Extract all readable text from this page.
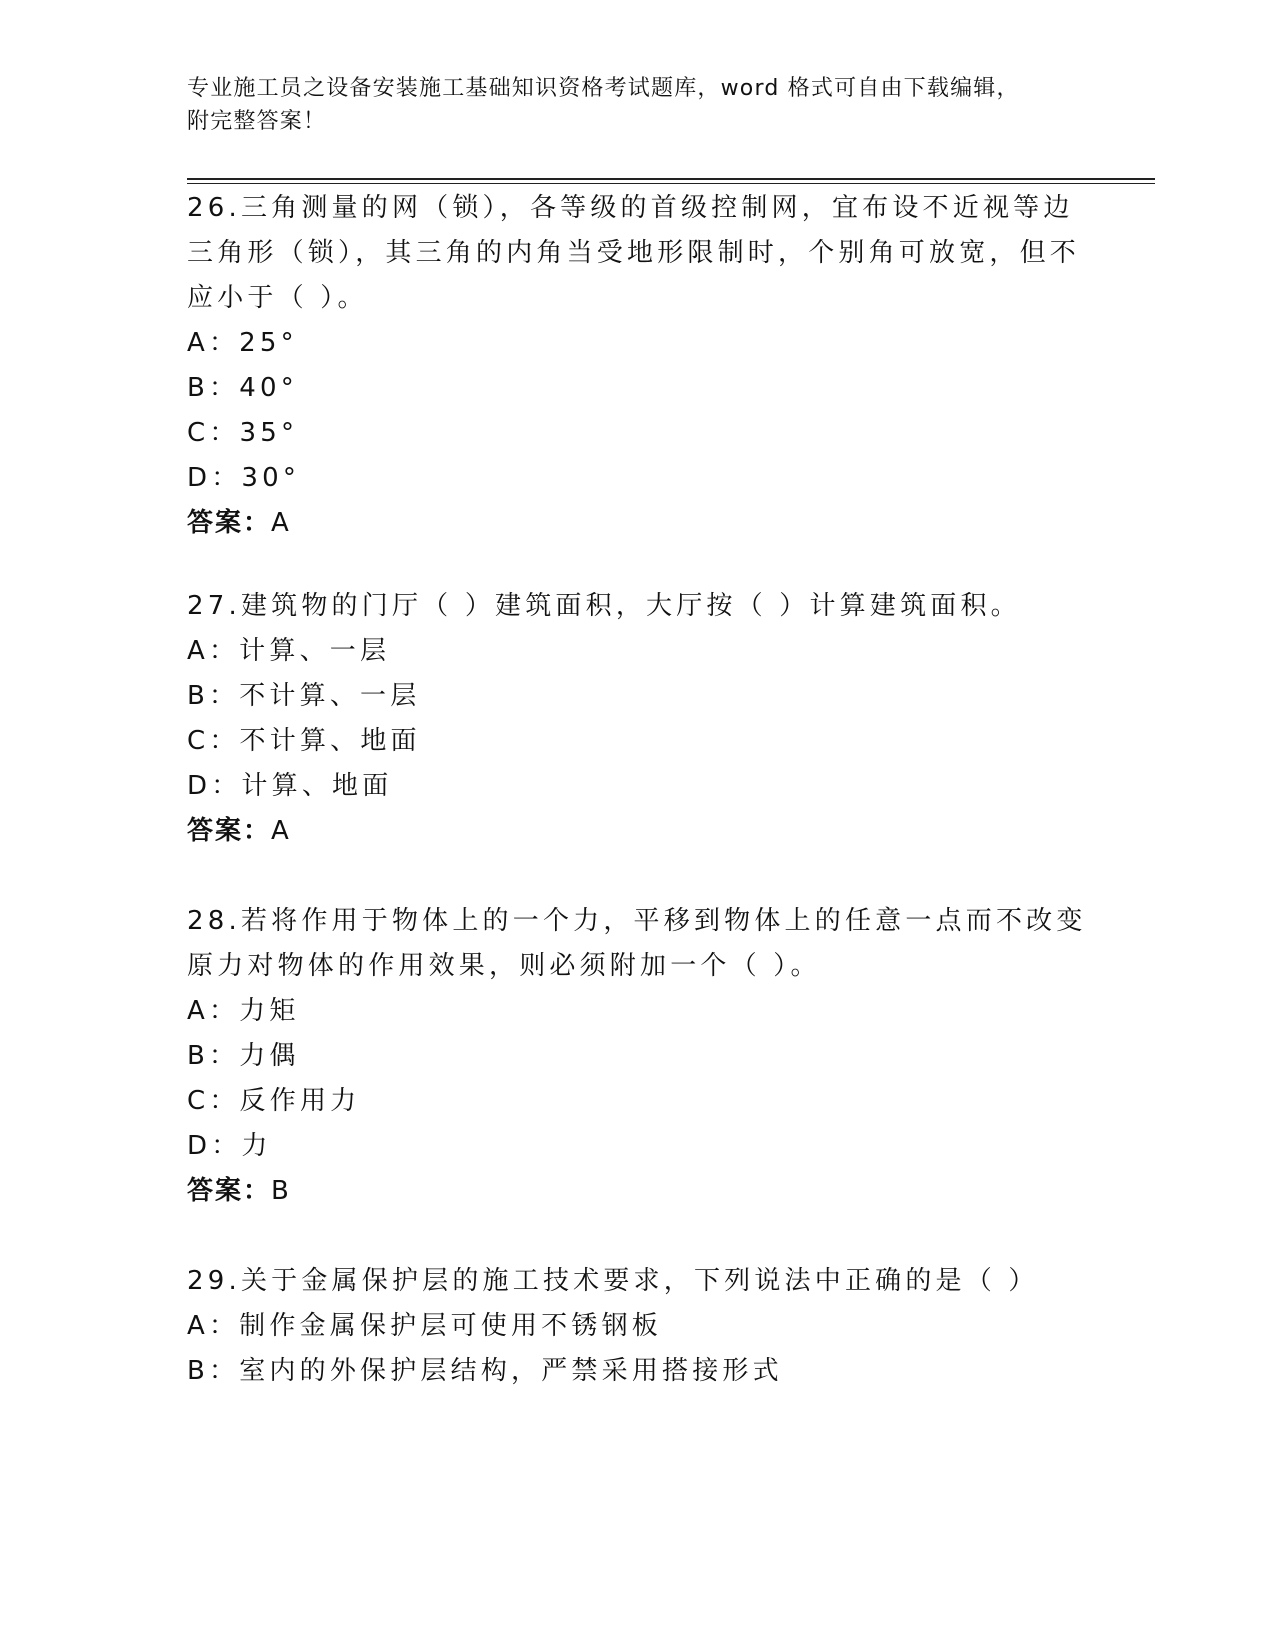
专业施工员之设备安装施工基础知识资格考试题库，word 格式可自由下载编辑，
附完整答案！

26.三角测量的网（锁），各等级的首级控制网，宜布设不近视等边三角形（锁），其三角的内角当受地形限制时，个别角可放宽，但不应小于（ ）。

A：25°

B：40°

C：35°

D：30°

答案：A

27.建筑物的门厅（ ）建筑面积，大厅按（ ）计算建筑面积。

A：计算、一层

B：不计算、一层

C：不计算、地面

D：计算、地面

答案：A

28.若将作用于物体上的一个力，平移到物体上的任意一点而不改变原力对物体的作用效果，则必须附加一个（ ）。

A：力矩

B：力偶

C：反作用力

D：力

答案：B

29.关于金属保护层的施工技术要求，下列说法中正确的是（ ）

A：制作金属保护层可使用不锈钢板

B：室内的外保护层结构，严禁采用搭接形式
